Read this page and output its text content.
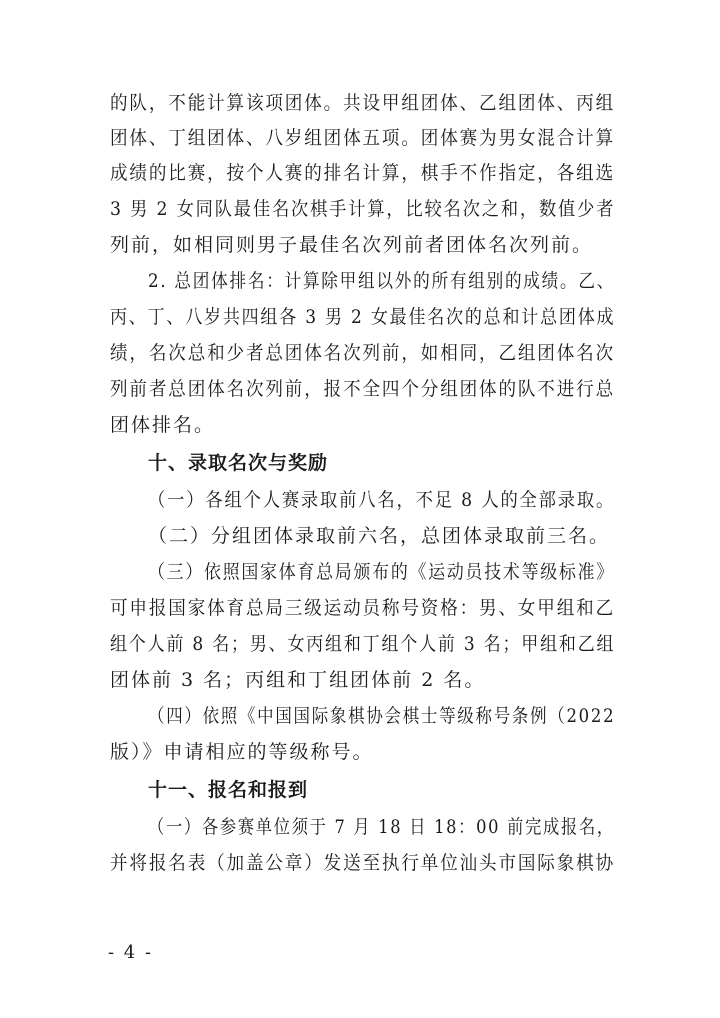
的队，不能计算该项团体。共设甲组团体、乙组团体、丙组
团体、丁组团体、八岁组团体五项。团体赛为男女混合计算
成绩的比赛，按个人赛的排名计算，棋手不作指定，各组选
3 男 2 女同队最佳名次棋手计算，比较名次之和，数值少者
列前，如相同则男子最佳名次列前者团体名次列前。
2. 总团体排名：计算除甲组以外的所有组别的成绩。乙、
丙、丁、八岁共四组各 3 男 2 女最佳名次的总和计总团体成
绩，名次总和少者总团体名次列前，如相同，乙组团体名次
列前者总团体名次列前，报不全四个分组团体的队不进行总
团体排名。
十、录取名次与奖励
（一）各组个人赛录取前八名，不足 8 人的全部录取。
（二）分组团体录取前六名，总团体录取前三名。
（三）依照国家体育总局颁布的《运动员技术等级标准》
可申报国家体育总局三级运动员称号资格：男、女甲组和乙
组个人前 8 名；男、女丙组和丁组个人前 3 名；甲组和乙组
团体前 3 名；丙组和丁组团体前 2 名。
（四）依照《中国国际象棋协会棋士等级称号条例（2022
版）》申请相应的等级称号。
十一、报名和报到
（一）各参赛单位须于 7 月 18 日 18：00 前完成报名，
并将报名表（加盖公章）发送至执行单位汕头市国际象棋协
- 4 -
